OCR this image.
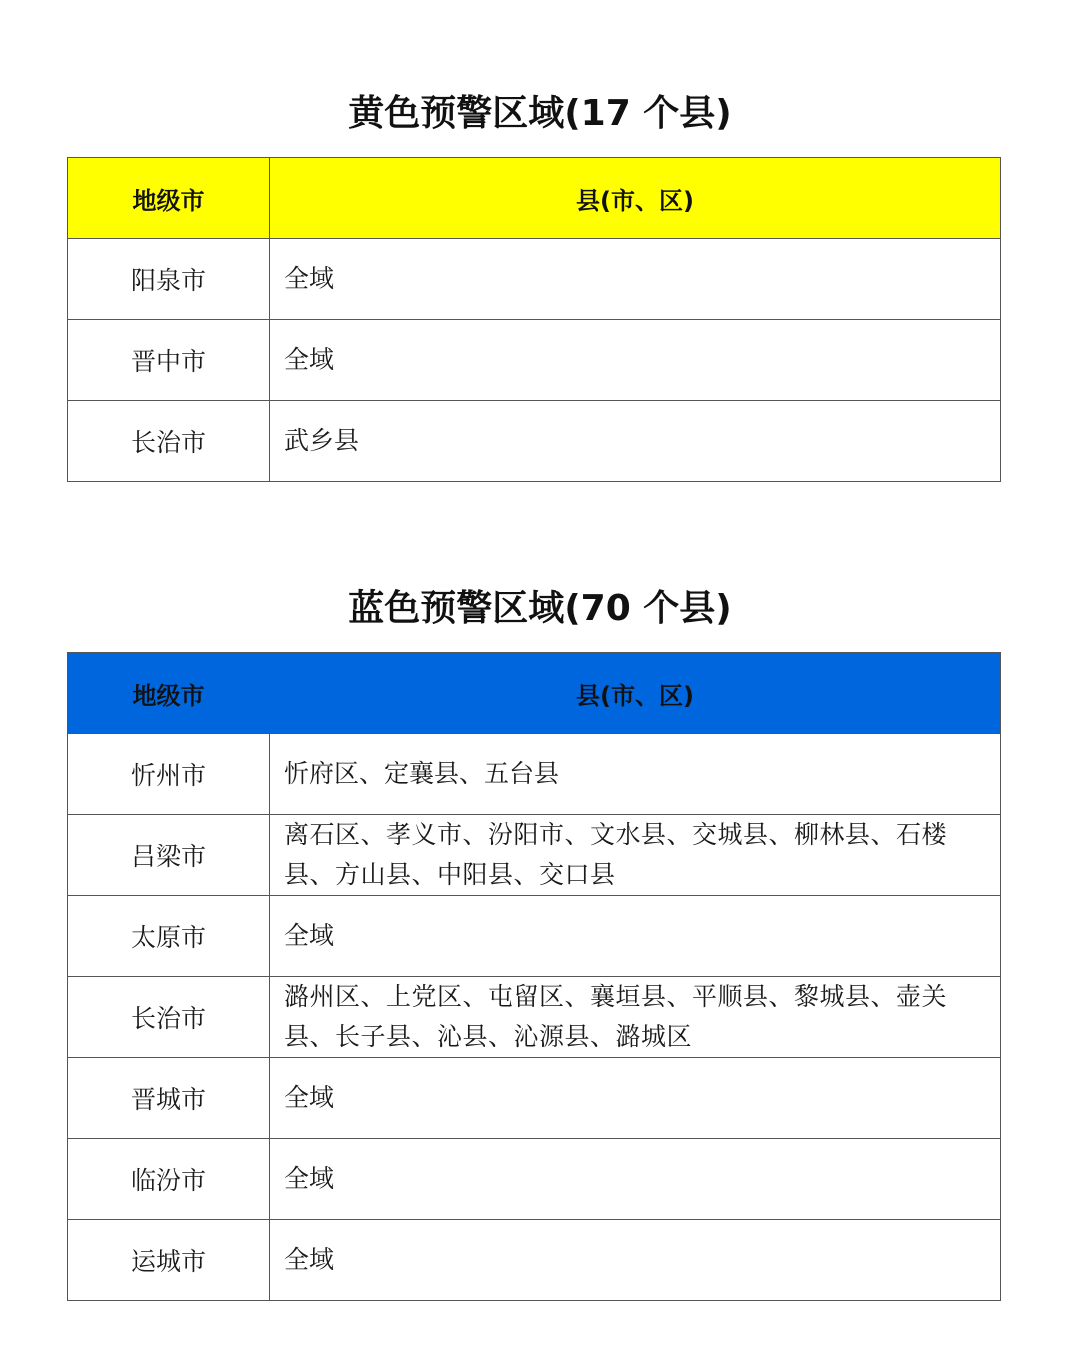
黄色预警区域(17 个县)
地级市	县(市、区)
阳泉市	全域
晋中市	全域
长治市	武乡县
蓝色预警区域(70 个县)
地级市	县(市、区)
忻州市	忻府区、定襄县、五台县
吕梁市	离石区、孝义市、汾阳市、文水县、交城县、柳林县、石楼县、方山县、中阳县、交口县
太原市	全域
长治市	潞州区、上党区、屯留区、襄垣县、平顺县、黎城县、壶关县、长子县、沁县、沁源县、潞城区
晋城市	全域
临汾市	全域
运城市	全域
